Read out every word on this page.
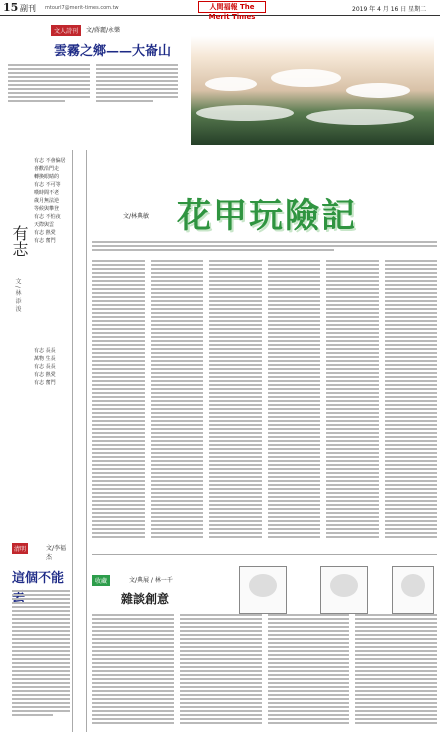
15 副刊 mtourl7@merit-times.com.tw	人間福報 The Merit Times
2019 年 4 月 16 日 星期二
文人詩刊	文/蔣麗/永樂
雲霧之鄉——大崙山
有志
文 / 林 添 浚
有志 不會偏居
喜歡沿門走
轉換眼睛的
有志 不可等
嘆時間不老
歲月無法逆
等候與攀登
有志 不怕夜
天際與雲
有志 熱愛
有志 奮鬥
有志 長長
萬物 生長
有志 長長
有志 熱愛
有志 奮鬥
清明	文/李福杰
這個不能
文/林典敏 花甲玩險記
收藏	文/典展 / 林一千
雜談創意
